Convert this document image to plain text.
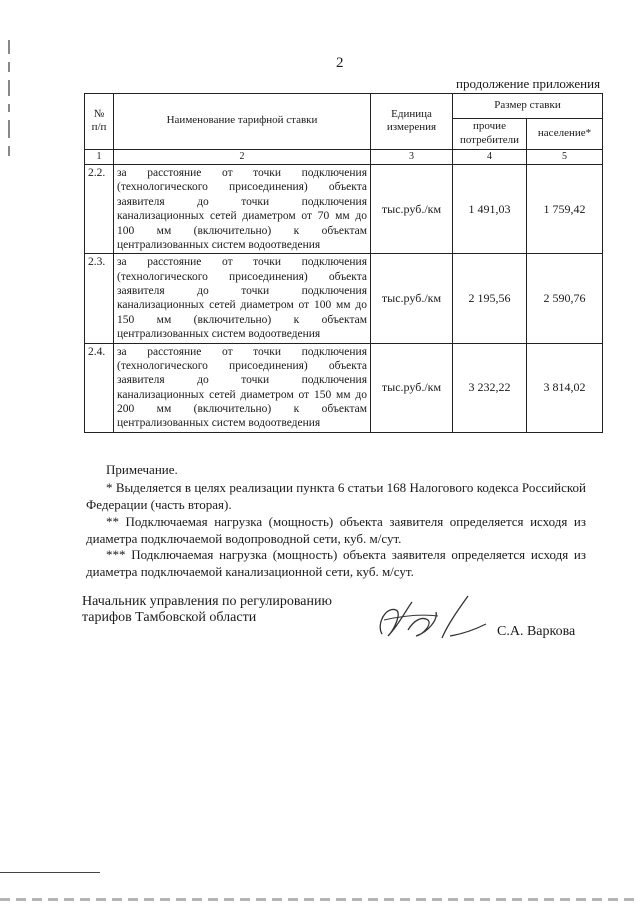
2
продолжение приложения
№ п/п	Наименование тарифной ставки	Единица измерения	Размер ставки	
			прочие потребители	население*
1	2	3	4	5
2.2.	за расстояние от точки подключения (технологического присоединения) объекта заявителя до точки подключения канализационных сетей диаметром от 70 мм до 100 мм (включительно) к объектам централизованных систем водоотведения	тыс.руб./км	1 491,03	1 759,42
2.3.	за расстояние от точки подключения (технологического присоединения) объекта заявителя до точки подключения канализационных сетей диаметром от 100 мм до 150 мм (включительно) к объектам централизованных систем водоотведения	тыс.руб./км	2 195,56	2 590,76
2.4.	за расстояние от точки подключения (технологического присоединения) объекта заявителя до точки подключения канализационных сетей диаметром от 150 мм до 200 мм (включительно) к объектам централизованных систем водоотведения	тыс.руб./км	3 232,22	3 814,02

Примечание.

* Выделяется в целях реализации пункта 6 статьи 168 Налогового кодекса Российской Федерации (часть вторая).

** Подключаемая нагрузка (мощность) объекта заявителя определяется исходя из диаметра подключаемой водопроводной сети, куб. м/сут.

*** Подключаемая нагрузка (мощность) объекта заявителя определяется исходя из диаметра подключаемой канализационной сети, куб. м/сут.

Начальник управления по регулированию
тарифов Тамбовской области
С.А. Варкова
